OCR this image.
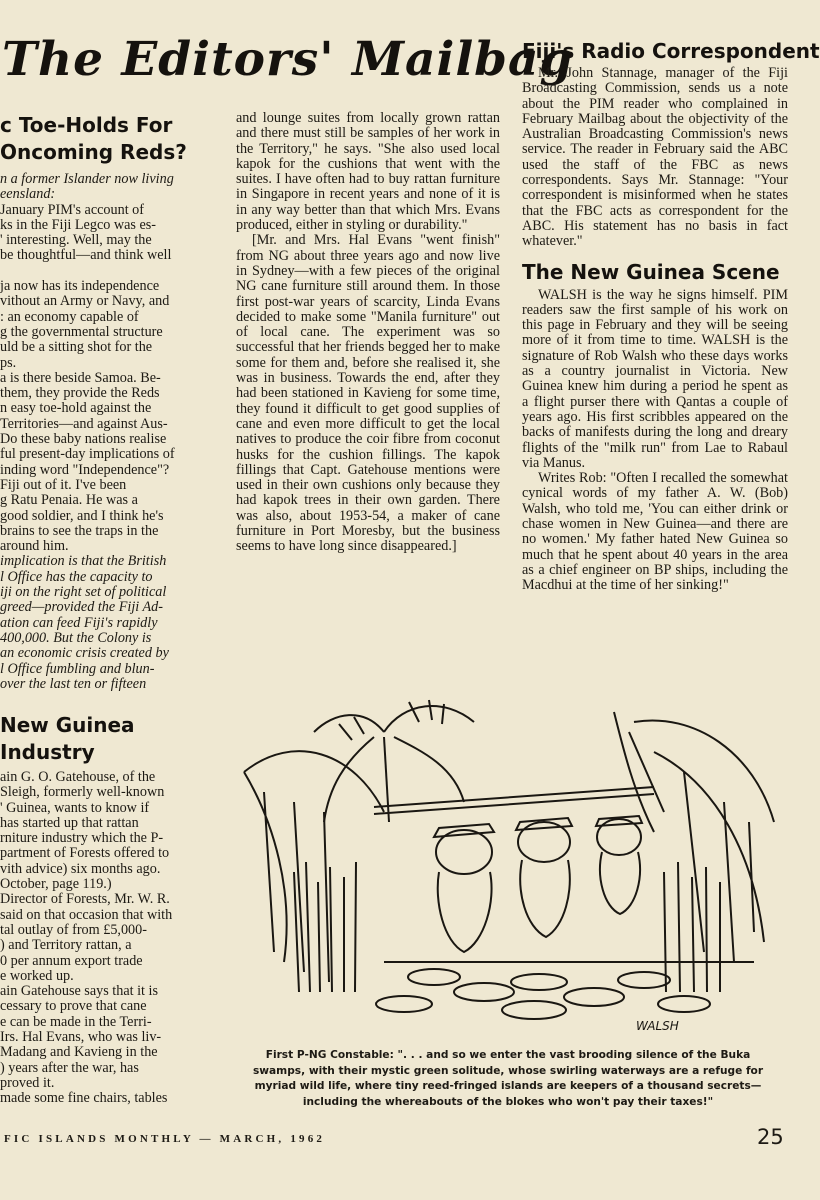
The Editors' Mailbag
c Toe-Holds For
Oncoming Reds?

n a former Islander now living

eensland:

January PIM's account of

ks in the Fiji Legco was es-

' interesting. Well, may the

be thoughtful—and think well

ja now has its independence

vithout an Army or Navy, and

: an economy capable of

g the governmental structure

uld be a sitting shot for the

ps.

a is there beside Samoa. Be-

them, they provide the Reds

n easy toe-hold against the

Territories—and against Aus-

Do these baby nations realise

ful present-day implications of

inding word "Independence"?

Fiji out of it. I've been

g Ratu Penaia. He was a

good soldier, and I think he's

brains to see the traps in the

around him.

implication is that the British

l Office has the capacity to

iji on the right set of political

greed—provided the Fiji Ad-

ation can feed Fiji's rapidly

400,000. But the Colony is

an economic crisis created by

l Office fumbling and blun-

over the last ten or fifteen

New Guinea
Industry

ain G. O. Gatehouse, of the

Sleigh, formerly well-known

' Guinea, wants to know if

has started up that rattan

rniture industry which the P-

partment of Forests offered to

vith advice) six months ago.

October, page 119.)

Director of Forests, Mr. W. R.

said on that occasion that with

tal outlay of from £5,000-

) and Territory rattan, a

0 per annum export trade

e worked up.

ain Gatehouse says that it is

cessary to prove that cane

e can be made in the Terri-

Irs. Hal Evans, who was liv-

Madang and Kavieng in the

) years after the war, has

proved it.

made some fine chairs, tables

and lounge suites from locally grown rattan and there must still be samples of her work in the Territory," he says. "She also used local kapok for the cushions that went with the suites. I have often had to buy rattan furniture in Singapore in recent years and none of it is in any way better than that which Mrs. Evans produced, either in styling or durability."

[Mr. and Mrs. Hal Evans "went finish" from NG about three years ago and now live in Sydney—with a few pieces of the original NG cane furniture still around them. In those first post-war years of scarcity, Linda Evans decided to make some "Manila furniture" out of local cane. The experiment was so successful that her friends begged her to make some for them and, before she realised it, she was in business. Towards the end, after they had been stationed in Kavieng for some time, they found it difficult to get good supplies of cane and even more difficult to get the local natives to produce the coir fibre from coconut husks for the cushion fillings. The kapok fillings that Capt. Gatehouse mentions were used in their own cushions only because they had kapok trees in their own garden. There was also, about 1953-54, a maker of cane furniture in Port Moresby, but the business seems to have long since disappeared.]

Fiji's Radio Correspondent

Mr. John Stannage, manager of the Fiji Broadcasting Commission, sends us a note about the PIM reader who complained in February Mailbag about the objectivity of the Australian Broadcasting Commission's news service. The reader in February said the ABC used the staff of the FBC as news correspondents. Says Mr. Stannage: "Your correspondent is misinformed when he states that the FBC acts as correspondent for the ABC. His statement has no basis in fact whatever."

The New Guinea Scene

WALSH is the way he signs himself. PIM readers saw the first sample of his work on this page in February and they will be seeing more of it from time to time. WALSH is the signature of Rob Walsh who these days works as a country journalist in Victoria. New Guinea knew him during a period he spent as a flight purser there with Qantas a couple of years ago. His first scribbles appeared on the backs of manifests during the long and dreary flights of the "milk run" from Lae to Rabaul via Manus.

Writes Rob: "Often I recalled the somewhat cynical words of my father A. W. (Bob) Walsh, who told me, 'You can either drink or chase women in New Guinea—and there are no women.' My father hated New Guinea so much that he spent about 40 years in the area as a chief engineer on BP ships, including the Macdhui at the time of her sinking!"

WALSH
First P-NG Constable: ". . . and so we enter the vast brooding silence of the Buka swamps, with their mystic green solitude, whose swirling waterways are a refuge for myriad wild life, where tiny reed-fringed islands are keepers of a thousand secrets—including the whereabouts of the blokes who won't pay their taxes!"
FIC ISLANDS MONTHLY — MARCH, 1962	25
